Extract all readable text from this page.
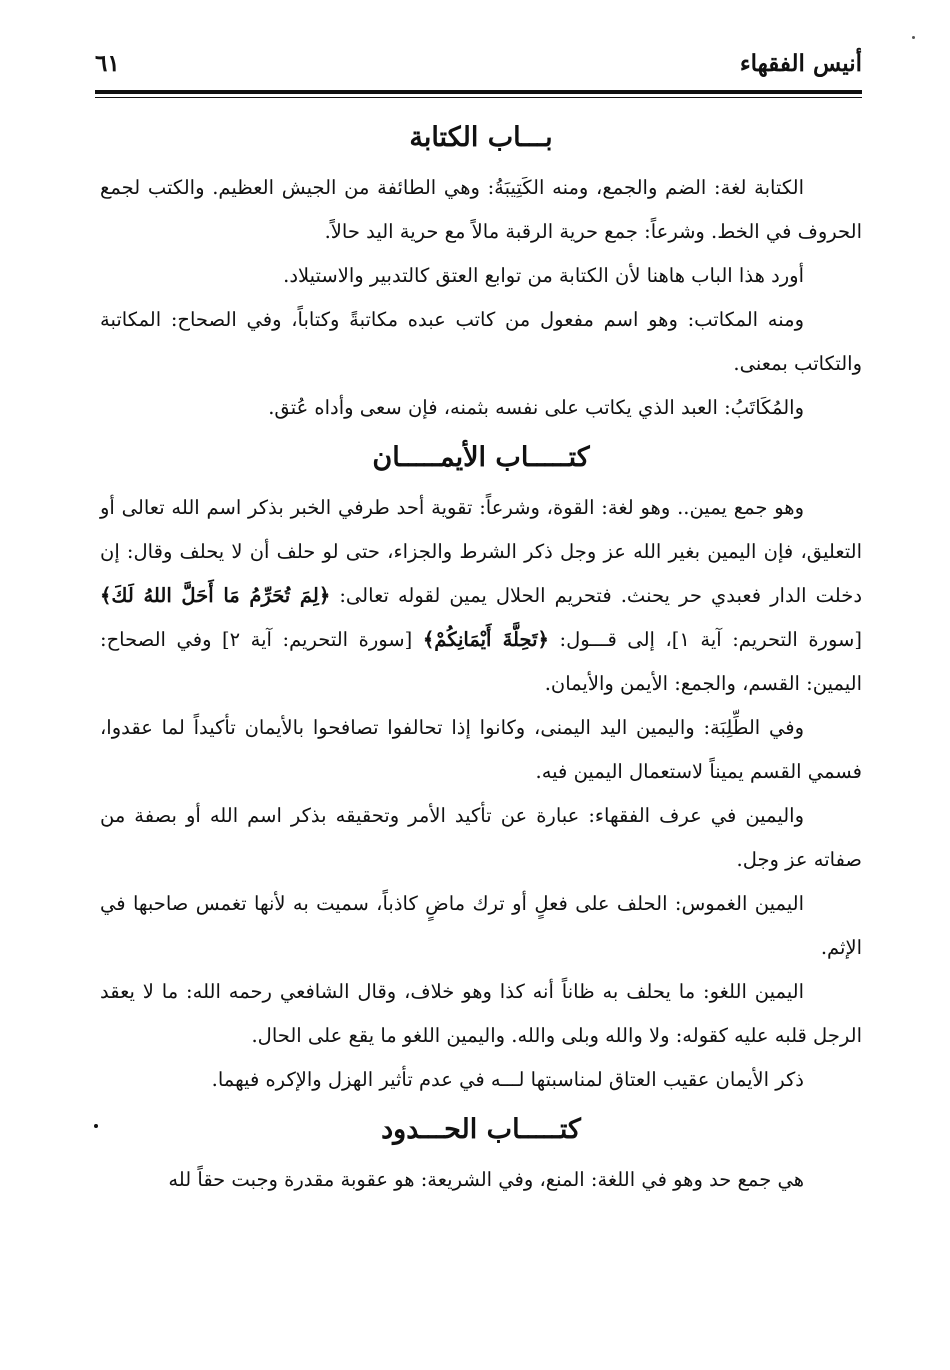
أنيس الفقهاء
٦١
بـــاب الكتابة

الكتابة لغة: الضم والجمع، ومنه الكَتِيبَةُ: وهي الطائفة من الجيش العظيم. والكتب لجمع الحروف في الخط. وشرعاً: جمع حرية الرقبة مالاً مع حرية اليد حالاً.

أورد هذا الباب هاهنا لأن الكتابة من توابع العتق كالتدبير والاستيلاد.

ومنه المكاتب: وهو اسم مفعول من كاتب عبده مكاتبةً وكتاباً، وفي الصحاح: المكاتبة والتكاتب بمعنى.

والمُكَاتَبُ: العبد الذي يكاتب على نفسه بثمنه، فإن سعى وأداه عُتق.

كتـــــاب الأيمـــــان

وهو جمع يمين.. وهو لغة: القوة، وشرعاً: تقوية أحد طرفي الخبر بذكر اسم الله تعالى أو التعليق، فإن اليمين بغير الله عز وجل ذكر الشرط والجزاء، حتى لو حلف أن لا يحلف وقال: إن دخلت الدار فعبدي حر يحنث. فتحريم الحلال يمين لقوله تعالى: ﴿لِمَ تُحَرِّمُ مَا أَحَلَّ اللهُ لَكَ﴾ [سورة التحريم: آية ١]، إلى قـــول: ﴿تَحِلَّةَ أَيْمَانِكُمْ﴾ [سورة التحريم: آية ٢] وفي الصحاح: اليمين: القسم، والجمع: الأيمن والأيمان.

وفي الطِّلِبَة: واليمين اليد اليمنى، وكانوا إذا تحالفوا تصافحوا بالأيمان تأكيداً لما عقدوا، فسمي القسم يميناً لاستعمال اليمين فيه.

واليمين في عرف الفقهاء: عبارة عن تأكيد الأمر وتحقيقه بذكر اسم الله أو بصفة من صفاته عز وجل.

اليمين الغموس: الحلف على فعلٍ أو ترك ماضٍ كاذباً، سميت به لأنها تغمس صاحبها في الإثم.

اليمين اللغو: ما يحلف به ظاناً أنه كذا وهو خلاف، وقال الشافعي رحمه الله: ما لا يعقد الرجل قلبه عليه كقوله: ولا والله وبلى والله. واليمين اللغو ما يقع على الحال.

ذكر الأيمان عقيب العتاق لمناسبتها لـــه في عدم تأثير الهزل والإكره فيهما.

كتـــــاب الحـــدود

هي جمع حد وهو في اللغة: المنع، وفي الشريعة: هو عقوبة مقدرة وجبت حقاً لله
